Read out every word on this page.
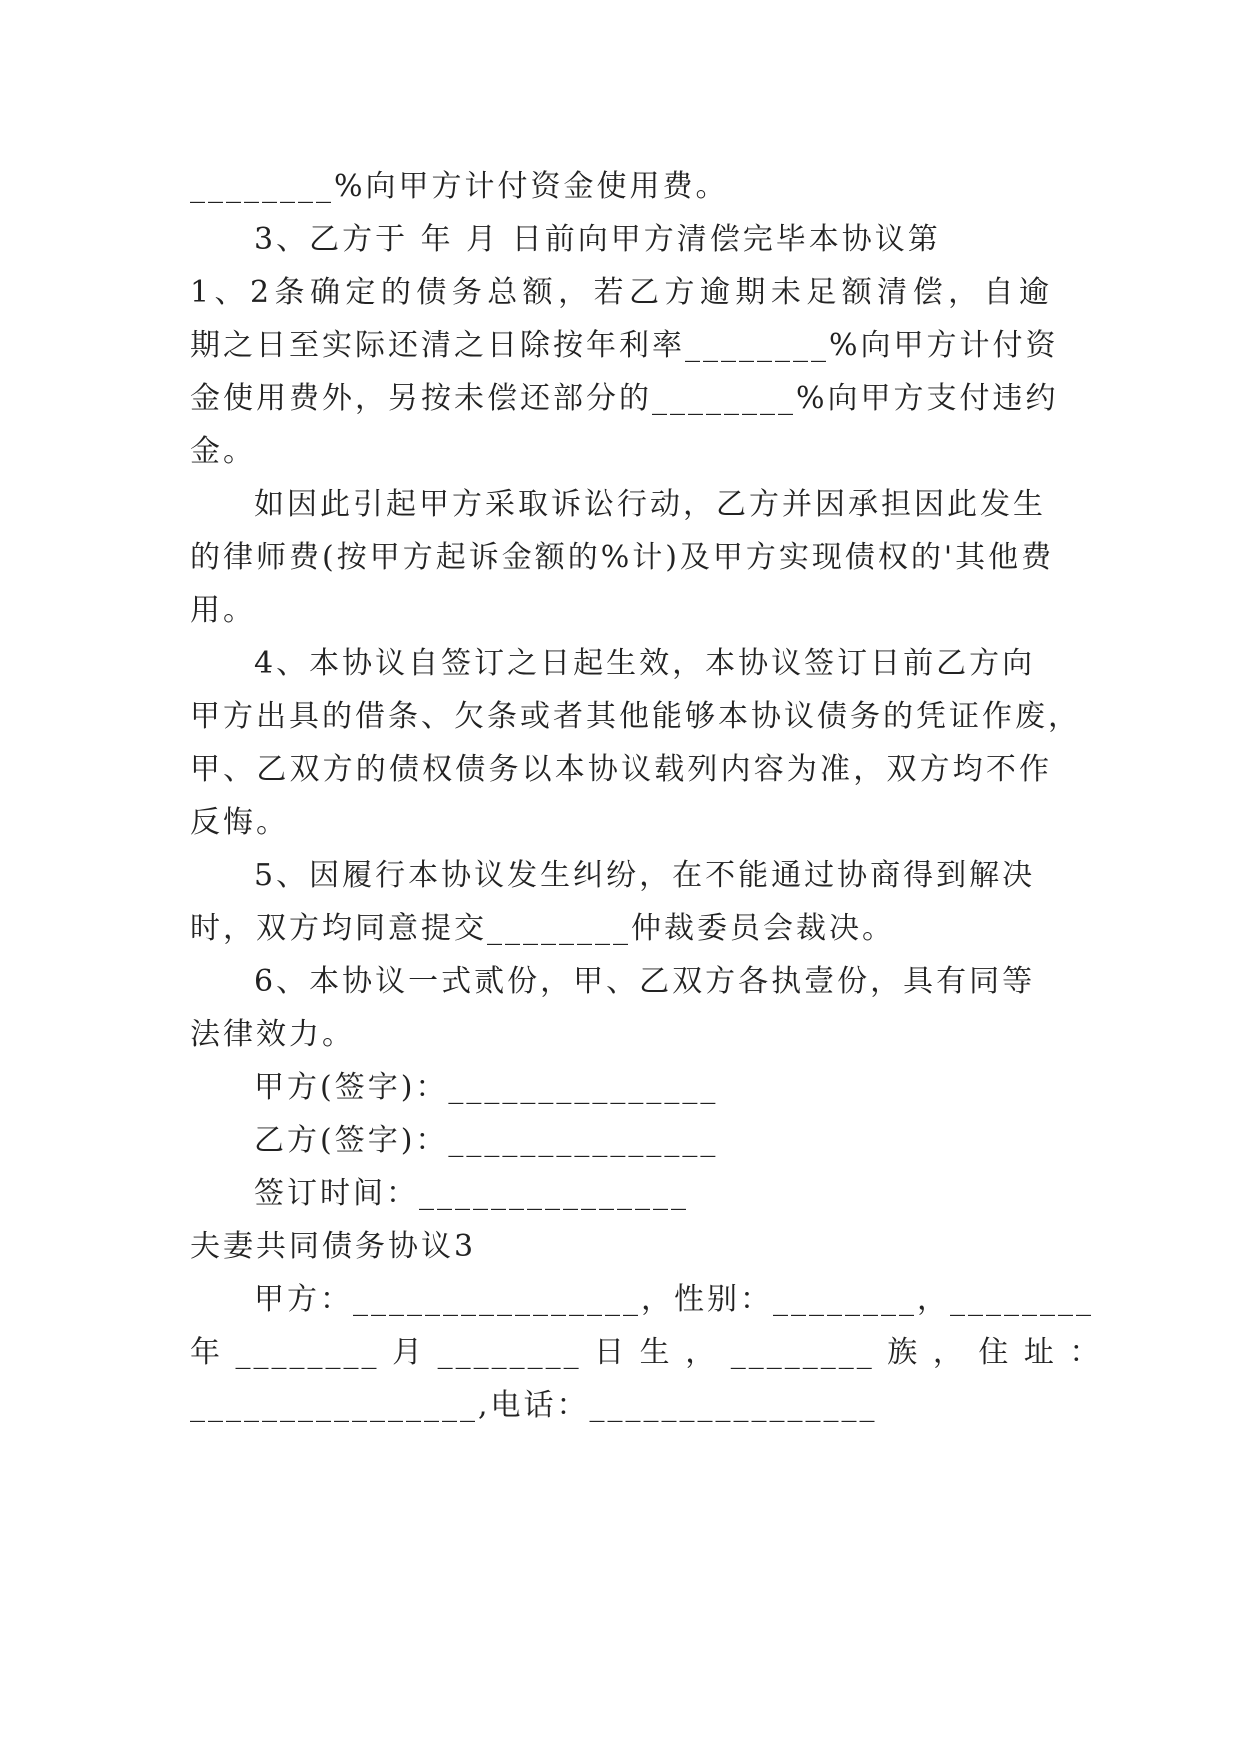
________%向甲方计付资金使用费。
3、乙方于 年 月 日前向甲方清偿完毕本协议第
1、2条确定的债务总额，若乙方逾期未足额清偿，自逾
期之日至实际还清之日除按年利率________%向甲方计付资
金使用费外，另按未偿还部分的________%向甲方支付违约
金。
如因此引起甲方采取诉讼行动，乙方并因承担因此发生
的律师费(按甲方起诉金额的%计)及甲方实现债权的'其他费
用。
4、本协议自签订之日起生效，本协议签订日前乙方向
甲方出具的借条、欠条或者其他能够本协议债务的凭证作废，
甲、乙双方的债权债务以本协议载列内容为准，双方均不作
反悔。
5、因履行本协议发生纠纷，在不能通过协商得到解决
时，双方均同意提交________仲裁委员会裁决。
6、本协议一式贰份，甲、乙双方各执壹份，具有同等
法律效力。
甲方(签字)：_______________
乙方(签字)：_______________
签订时间：_______________
夫妻共同债务协议3
甲方：________________，性别：________，________
年 ________ 月 ________ 日 生 ， ________ 族 ， 住 址 ：
________________,电话：________________
